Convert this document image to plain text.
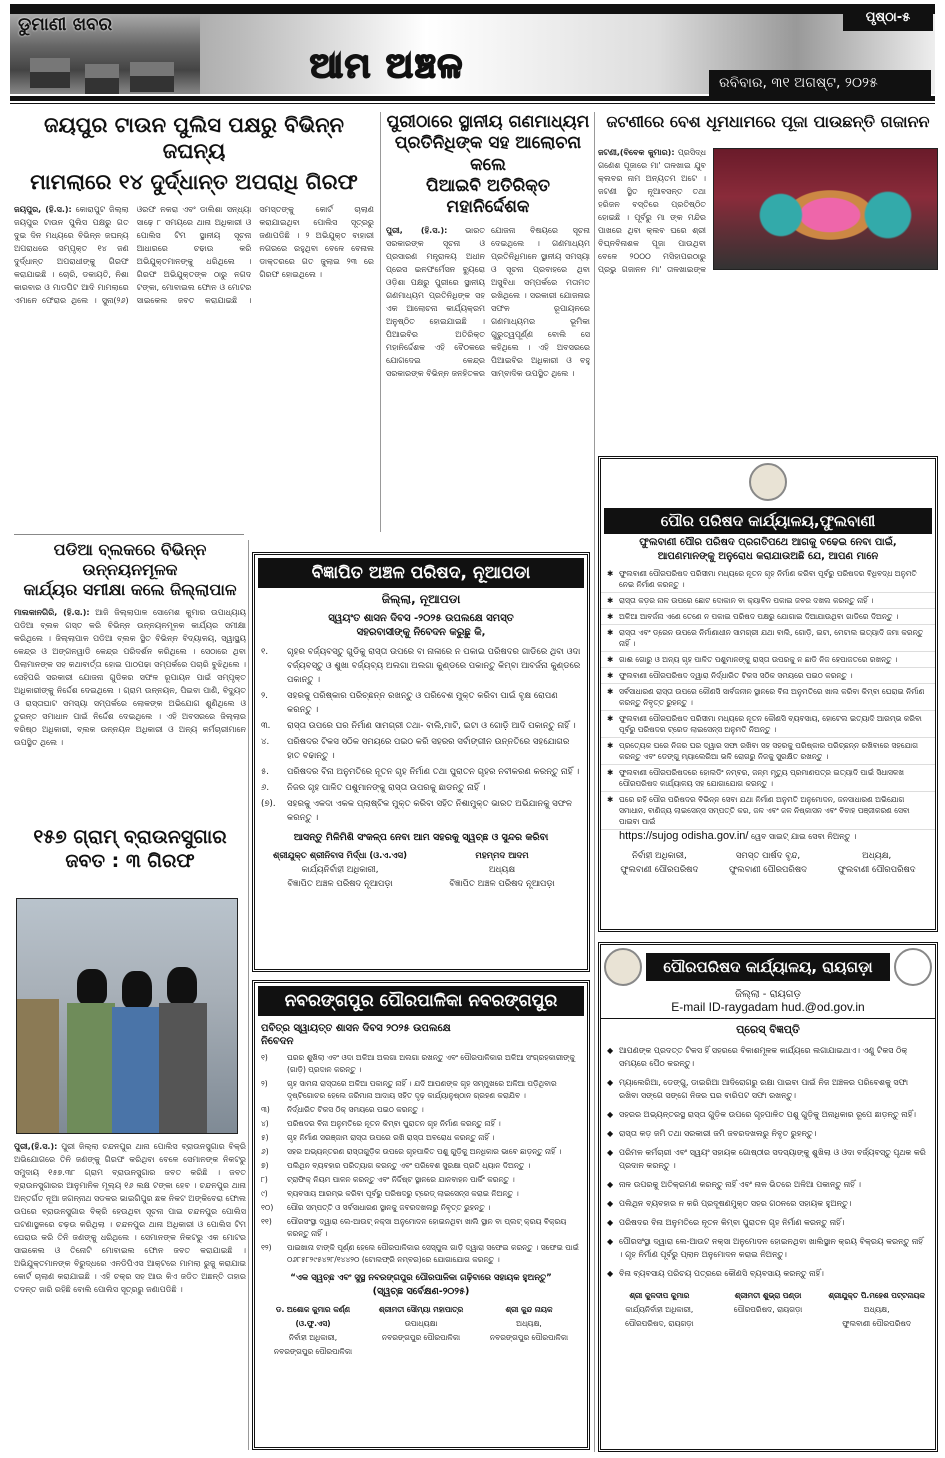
ଡୁମାଣୀ ଖବର
ଆମ ଅଞ୍ଚଳ
ପୃଷ୍ଠା-୫
ରବିବାର, ୩୧ ଅଗଷ୍ଟ, ୨୦୨୫
ଜୟପୁର ଟାଉନ ପୁଲିସ ପକ୍ଷରୁ ବିଭିନ୍ନ ଜଘନ୍ୟ
ମାମଲାରେ ୧୪ ଦୁର୍ଦ୍ଧାନ୍ତ ଅପରାଧି ଗିରଫ
ଜୟପୁର, (ହି.ସ.): କୋରାପୁଟ ଜିଲ୍ଲା ଜୟପୁର ଟାଉନ ପୁଲିସ ପକ୍ଷରୁ ଗତ ଦୁଇ ଦିନ ମଧ୍ୟରେ ବିଭିନ୍ନ ଜଘନ୍ୟ ଅପରାଧରେ ସମ୍ପୃକ୍ତ ୧୪ ଜଣ ଦୁର୍ଦ୍ଧାନ୍ତ ଅପରାଧୀଙ୍କୁ ଗିରଫ କରାଯାଇଛି । ଚୋରି, ଡକାୟତି, ନିଶା କାରବାର ଓ ମାଡପିଟ ଆଦି ମାମଲାରେ ଏମାନେ ଫେରାର ଥିଲେ । ସୁନା(୨୬) ଓରଫ ନକରା ଏବଂ ଡାଲିଶା ସନ୍ଧ୍ୟା ସାଢ଼େ ୮ ସମୟରେ ଥାନା ଅଧିକାରୀ ଓ ପୋଲିସ ଟିମ ସ୍ଥାନୀୟ ସୂଚନା ଆଧାରରେ ଚଢାଉ କରି ଅଭିଯୁକ୍ତମାନଙ୍କୁ ଧରିଥିଲେ । ଗିରଫ ଅଭିଯୁକ୍ତଙ୍କ ଠାରୁ ନଗଦ ଟଙ୍କା, ମୋବାଇଲ ଫୋନ ଓ ମୋଟର ସାଇକେଲ ଜବତ କରାଯାଇଛି । ସମସ୍ତଙ୍କୁ କୋର୍ଟ ଚାଲାଣ କରାଯାଇଥିବା ପୋଲିସ ସୂତ୍ରରୁ ଜଣାପଡିଛି । ୨ ଅଭିଯୁକ୍ତ ବାହାରୀ ନଗରରେ ରହୁଥିବା ବେଳେ ବେନାଲ ଡାକ୍ତରରେ ଗତ ଜୁଲାଇ ୨୩ ରେ ଗିରଫ ହୋଇଥିଲେ ।
ପୁରୀଠାରେ ସ୍ଥାନୀୟ ଗଣମାଧ୍ୟମ
ପ୍ରତିନିଧିଙ୍କ ସହ ଆଲୋଚନା କଲେ
ପିଆଇବି ଅତିରିକ୍ତ ମହାନିର୍ଦ୍ଦେଶକ
ପୁରୀ, (ହି.ସ.): ଭାରତ ସରକାରଙ୍କ ସୂଚନା ଓ ପ୍ରସାରଣ ମନ୍ତ୍ରାଳୟ ଅଧୀନ ପ୍ରେସ ଇନଫର୍ମେସନ ବ୍ୟୁରୋ ଓଡ଼ିଶା ପକ୍ଷରୁ ପୁରୀରେ ସ୍ଥାନୀୟ ଗଣମାଧ୍ୟମ ପ୍ରତିନିଧିଙ୍କ ସହ ଏକ ଆଲୋଚନା କାର୍ଯ୍ୟକ୍ରମ ଅନୁଷ୍ଠିତ ହୋଇଯାଇଛି । ପିଆଇବିର ଅତିରିକ୍ତ ମହାନିର୍ଦ୍ଦେଶକ ଏହି ବୈଠକରେ ଯୋଗଦେଇ କେନ୍ଦ୍ର ସରକାରଙ୍କ ବିଭିନ୍ନ ଜନହିତକର ଯୋଜନା ବିଷୟରେ ସୂଚନା ଦେଇଥିଲେ । ଗଣମାଧ୍ୟମ ପ୍ରତିନିଧିମାନେ ସ୍ଥାନୀୟ ସମସ୍ୟା ଓ ସୂଚନା ପ୍ରବାହରେ ଥିବା ଅସୁବିଧା ସମ୍ପର୍କରେ ମତାମତ ରଖିଥିଲେ । ସରକାରୀ ଯୋଜନାର ସଫଳ ରୂପାୟନରେ ଗଣମାଧ୍ୟମର ଭୂମିକା ଗୁରୁତ୍ୱପୂର୍ଣ୍ଣ ବୋଲି ସେ କହିଥିଲେ । ଏହି ଅବସରରେ ପିଆଇବିର ଅଧିକାରୀ ଓ ବହୁ ସାମ୍ବାଦିକ ଉପସ୍ଥିତ ଥିଲେ ।
ଜଟଣୀରେ ବେଶ ଧୂମଧାମରେ ପୂଜା ପାଉଛନ୍ତି ଗଜାନନ
ଜଟଣୀ,(ବିବେକ କୁମାର): ପ୍ରସିଦ୍ଧ ଗଣେଶ ପୂଜାରେ ମା' ତାଳଖାଇ ଯୁବ କ୍ଲବର ନାମ ଅନ୍ୟତମ ଅଟେ । ଜଟଣୀ ସ୍ଥିତ ନୂଆବସନ୍ତ ତଥା ହରିଜନ ବସ୍ତିରେ ପ୍ରତିଷ୍ଠିତ ହୋଇଛି । ପୂର୍ବରୁ ମା ଙ୍କ ମନ୍ଦିର ପାଖରେ ଥିବା କ୍ଲବ ଘରେ ଶ୍ରୀ ବିଘ୍ନବିନାଶକ ପୂଜା ପାଉଥିବା ବେଳେ ୨୦୦୦ ମସିହାପରଠାରୁ ପ୍ରଭୁ ଗଜାନନ ମା' ତାଳଖାଇଙ୍କ
ପଡିଆ ବ୍ଲକରେ ବିଭିନ୍ନ ଉନ୍ନୟନମୂଳକ
କାର୍ଯ୍ୟର ସମୀକ୍ଷା କଲେ ଜିଲ୍ଲାପାଳ
ମାଲକାନଗିରି, (ହି.ସ.): ଆଜି ଜିଲ୍ଲାପାଳ ସୋମେଶ କୁମାର ଉପାଧ୍ୟାୟ ପଡିଆ ବ୍ଲକ ଗସ୍ତ କରି ବିଭିନ୍ନ ଉନ୍ନୟନମୂଳକ କାର୍ଯ୍ୟର ସମୀକ୍ଷା କରିଥିଲେ । ଜିଲ୍ଲାପାଳ ପଡିଆ ବ୍ଲକ ସ୍ଥିତ ବିଭିନ୍ନ ବିଦ୍ୟାଳୟ, ସ୍ୱାସ୍ଥ୍ୟ କେନ୍ଦ୍ର ଓ ଅଙ୍ଗନୱାଡି କେନ୍ଦ୍ର ପରିଦର୍ଶନ କରିଥିଲେ । ସେଠାରେ ଥିବା ପିଲାମାନଙ୍କ ସହ କଥାବାର୍ତ୍ତା ହୋଇ ପାଠପଢା ସମ୍ପର୍କରେ ପଚାରି ବୁଝିଥିଲେ । ସେହିପରି ସରକାରୀ ଯୋଜନା ଗୁଡିକର ସଫଳ ରୂପାୟନ ପାଇଁ ସମ୍ପୃକ୍ତ ଅଧିକାରୀଙ୍କୁ ନିର୍ଦ୍ଦେଶ ଦେଇଥିଲେ । ଗ୍ରାମ ଉନ୍ନୟନ, ପିଇବା ପାଣି, ବିଦ୍ୟୁତ ଓ ରାସ୍ତାଘାଟ ସମସ୍ୟା ସମ୍ପର୍କରେ ଲୋକଙ୍କ ଅଭିଯୋଗ ଶୁଣିଥିଲେ ଓ ତୁରନ୍ତ ସମାଧାନ ପାଇଁ ନିର୍ଦ୍ଦେଶ ଦେଇଥିଲେ । ଏହି ଅବସରରେ ଜିଲ୍ଲାର ବରିଷ୍ଠ ଅଧିକାରୀ, ବ୍ଲକ ଉନ୍ନୟନ ଅଧିକାରୀ ଓ ଅନ୍ୟ କର୍ମଚାରୀମାନେ ଉପସ୍ଥିତ ଥିଲେ ।
୧୫୭ ଗ୍ରାମ୍ ବ୍ରାଉନସୁଗାର
ଜବତ : ୩ ଗିରଫ
ପୁରୀ,(ହି.ସ.): ପୁରୀ ଜିଲ୍ଲା ଚନ୍ଦନପୁର ଥାନା ପୋଲିସ ବ୍ରାଉନସୁଗାର ବିକ୍ରି ଅଭିଯୋଗରେ ତିନି ଜଣଙ୍କୁ ଗିରଫ କରିଥିବା ବେଳେ ସେମାନଙ୍କ ନିକଟରୁ ସମୁଦାୟ ୧୫୭.୩୮ ଗ୍ରାମ ବ୍ରାଉନସୁଗାର ଜବତ କରିଛି । ଜବତ ବ୍ରାଉନସୁଗାରର ଆନୁମାନିକ ମୂଲ୍ୟ ୧୬ ଲକ୍ଷ ଟଙ୍କା ହେବ । ଚନ୍ଦନପୁର ଥାନା ଅନ୍ତର୍ଗତ ନୂଆ ଜଗନ୍ନାଥ ସଡକର ଭାଇଗିପୁର ଛକ ନିକଟ ଅଙ୍କିବେରା ଫୋଲ ଉପରେ ବ୍ରାଉନସୁଗାର ବିକ୍ରି ହେଉଥିବା ସୂଚନା ପାଇ ଚନ୍ଦନପୁର ପୋଲିସ ଘଟଣାସ୍ଥଳରେ ଚଢ଼ଉ କରିଥିଲା । ଚନ୍ଦନପୁର ଥାନା ଅଧିକାରୀ ଓ ପୋଲିସ ଟିମ ଘେରାଉ କରି ତିନି ଜଣଙ୍କୁ ଧରିଥିଲେ । ସେମାନଙ୍କ ନିକଟରୁ ଏକ ମୋଟର ସାଇକେଲ ଓ ତିନୋଟି ମୋବାଇଲ ଫୋନ ଜବତ କରାଯାଇଛି । ଅଭିଯୁକ୍ତମାନଙ୍କ ବିରୁଦ୍ଧରେ ଏନଡିପିଏସ ଆକ୍ଟରେ ମାମଲା ରୁଜୁ କରାଯାଇ କୋର୍ଟ ଚାଲାଣ କରାଯାଇଛି । ଏହି ଚକ୍ର ସହ ଆଉ କିଏ ଜଡିତ ଅଛନ୍ତି ତାହାର ତଦନ୍ତ ଜାରି ରହିଛି ବୋଲି ପୋଲିସ ସୂତ୍ରରୁ ଜଣାପଡିଛି ।
ବିଜ୍ଞାପିତ ଅଞ୍ଚଳ ପରିଷଦ, ନୂଆପଡା
ଜିଲ୍ଲା, ନୂଆପଡା
ସ୍ୱୟଂତ ଶାସନ ଦିବସ -୨୦୨୫ ଉପଲକ୍ଷେ ସମସ୍ତ
ସହରବାସୀଙ୍କୁ ନିବେଦନ କରୁଛୁ କି,
୧.	ଗୃହର ବର୍ଜ୍ୟବସ୍ତୁ ଗୁଡିକୁ ରାସ୍ତା ଉପରେ ବା ନାଳାରେ ନ ପକାଇ ପରିଷଦର ଗାଡିରେ ଥିବା ଓଦା ବର୍ଜ୍ୟବସ୍ତୁ ଓ ଶୁଖା ବର୍ଜ୍ୟବ୍ୟ ଅଲଗା ଅଲଗା କୁଣ୍ଡରେ ପକାନ୍ତୁ କିମ୍ବା ଆବର୍ଜନା କୁଣ୍ଡରେ ପକାନ୍ତୁ ।
୨.	ସହରକୁ ପରିଷ୍କାର ପରିଚ୍ଛନ୍ନ ରଖନ୍ତୁ ଓ ପରିବେଶ ମୁକ୍ତ କରିବା ପାଇଁ ବୃକ୍ଷ ରୋପଣ କରନ୍ତୁ ।
୩.	ରାସ୍ତା ଉପରେ ଘର ନିର୍ମାଣ ସାମଗ୍ରୀ ତଥା- ବାଲି,ମାଟି, ଇଟା ଓ ଗୋଡ଼ି ଆଦି ପକାନ୍ତୁ ନାହିଁ ।
୪.	ପରିଷଦର ଟିକସ ସଠିକ ସମୟରେ ପଇଠ କରି ସହରର ସର୍ବାଙ୍ଗୀନ ଉନ୍ନତିରେ ସହଯୋଗର ହାତ ବଢାନ୍ତୁ ।
୫.	ପରିଷଦର ବିନା ଅନୁମତିରେ ନୂତନ ଗୃହ ନିର୍ମାଣ ତଥା ପୁରାତନ ଗୃହର ନବୀକରଣ କରନ୍ତୁ ନାହିଁ ।
୬.	ନିଜର ଗୃହ ପାଳିତ ପଶୁମାନଙ୍କୁ ରାସ୍ତା ଉପରକୁ ଛାଡନ୍ତୁ ନାହିଁ ।
(୭).	ସହରକୁ ଏକଦା ଏକକ ପ୍ଲାଷ୍ଟିକ ମୁକ୍ତ କରିବା ସହିତ ନିଶାମୁକ୍ତ ଭାରତ ଅଭିଯାନକୁ ସଫଳ କରନ୍ତୁ ।
ଆସନ୍ତୁ ମିଳିମିଶି ସଂକଳ୍ପ ନେବା ଆମ ସହରକୁ ସ୍ୱଚ୍ଛ ଓ ସୁନ୍ଦର କରିବା
ଶ୍ରୀଯୁକ୍ତ ଶ୍ରୀନିବାସ ମିର୍ଦ୍ଧା (ଓ.ଏ.ଏସ)
କାର୍ଯ୍ୟନିର୍ବାହୀ ଅଧିକାରୀ,
ବିଜ୍ଞାପିତ ଅଞ୍ଚଳ ପରିଷଦ ନୂଆପଡ଼ା
ମହମ୍ମଦ ଆଦମ
ଅଧ୍ୟକ୍ଷ
ବିଜ୍ଞାପିତ ଅଞ୍ଚଳ ପରିଷଦ ନୂଆପଡ଼ା
ନବରଙ୍ଗପୁର ପୌରପାଳିକା ନବରଙ୍ଗପୁର
ପବିତ୍ର ସ୍ୱାୟତ୍ତ ଶାସନ ଦିବସ ୨୦୨୫ ଉପଲକ୍ଷେ
ନିବେଦନ
୧)	ଘରର ଶୁଖିଲା ଏବଂ ଓଦା ଅଳିଆ ଅଲଗା ଅଲଗା ରଖନ୍ତୁ ଏବଂ ପୌରପାଳିକାର ଅଳିଆ ସଂଗ୍ରହକାରୀଙ୍କୁ (ଗାଡ଼ି) ପ୍ରଦାନ କରନ୍ତୁ ।
୨)	ଗୃହ ସାମନା ରାସ୍ତାରେ ଅଳିଆ ପକାନ୍ତୁ ନାହିଁ । ଯଦି ଆପଣଙ୍କ ଗୃହ ସମ୍ମୁଖରେ ଅଳିଆ ପଡ଼ିଥିବାର ଦୃଷ୍ଟିଗୋଚର ହେଲେ ଜରିମାନା ଆଦାୟ ସହିତ ଦୃଢ଼ କାର୍ଯ୍ୟାନୁଷ୍ଠାନ ଗ୍ରହଣ କରାଯିବ ।
୩)	ନିର୍ଦ୍ଧାରିତ ଟିକସ ଠିକ୍ ସମୟରେ ପଇଠ କରନ୍ତୁ ।
୪)	ପରିଷଦର ବିନା ଅନୁମତିରେ ନୂତନ କିମ୍ବା ପୁରାତନ ଗୃହ ନିର୍ମାଣ କରନ୍ତୁ ନାହିଁ ।
୫)	ଗୃହ ନିର୍ମାଣ ସରଞ୍ଜାମ ରାସ୍ତା ଉପରେ ରଖି ରାସ୍ତା ଅବରୋଧ କରନ୍ତୁ ନାହିଁ ।
୬)	ସହର ଅଭ୍ୟନ୍ତରଣ ରାସ୍ତାଗୁଡ଼ିକ ଉପରେ ଗୃହପାଳିତ ପଶୁ ଗୁଡ଼ିକୁ ଅନଧିକାର ଭାବେ ଛାଡ଼ନ୍ତୁ ନାହିଁ ।
୭)	ପଲିଥିନ ବ୍ୟବହାର ପରିତ୍ୟାଗ କରନ୍ତୁ ଏବଂ ପରିବେଶ ସୁରକ୍ଷା ପ୍ରତି ଧ୍ୟାନ ଦିଅନ୍ତୁ ।
୮)	ଟ୍ରାଫିକ୍ ନିୟମ ପାଳନ କରନ୍ତୁ ଏବଂ ନିର୍ଦ୍ଦିଷ୍ଟ ସ୍ଥାନରେ ଯାନବାହନ ପାର୍କିଂ କରନ୍ତୁ ।
୯)	ବ୍ୟବସାୟ ଆରମ୍ଭ କରିବା ପୂର୍ବରୁ ପରିଷଦରୁ ଟ୍ରେଡ୍ ଲାଇସେନ୍ସ କରାଇ ନିଅନ୍ତୁ ।
୧୦)	ପୌର ସମ୍ପତ୍ତି ଓ ସର୍ବସାଧାରଣ ସ୍ଥାନକୁ ଜବରଦଖଲରୁ ନିବୃତ୍ତ ରୁହନ୍ତୁ ।
୧୧)	ପୌରସଂସ୍ଥା ଦ୍ୱାରା ଲେ-ଆଉଟ୍ ନକ୍ସା ଅନୁମୋଦନ ହୋଇନଥିବା ଖାଲି ସ୍ଥାନ ବା ପ୍ଲଟ୍ କ୍ରୟ ବିକ୍ରୟ କରନ୍ତୁ ନାହିଁ ।
୧୨)	ପାଇଖାନା ଟାଙ୍କି ପୂର୍ଣ୍ଣ ହେଲେ ପୌରପାଳିକାର ସେସ୍‌ପୁଲ ଗାଡ଼ି ଦ୍ୱାରା ସଫେଇ କରନ୍ତୁ । ସଫେଇ ପାଇଁ ୦୬୮୫୮୨୯୫୪୨୮/୧୪୪୨୦ (ଟୋଲଫ୍ରି ନମ୍ବର)ରେ ଯୋଗାଯୋଗ କରନ୍ତୁ ।
“ଏକ ସ୍ୱଚ୍ଛ ଏବଂ ସୁସ୍ଥ ନବରଙ୍ଗପୁର ପୌରପାଳିକା ଗଢ଼ିବାରେ ସହାୟକ ହୁଅନ୍ତୁ”
(ସ୍ୱଚ୍ଛ ସର୍ବେକ୍ଷଣ-୨୦୨୫)
ଡ. ଅଶୋକ କୁମାର କର୍ଣ୍ଣ (ଓ.ଫୁ.ଏସ)
ନିର୍ବାହୀ ଅଧିକାରୀ,
ନବରଙ୍ଗପୁର ପୌରପାଳିକା
ଶ୍ରୀମତୀ ସୌମ୍ୟା ମହାପାତ୍ର
ଉପାଧ୍ୟକ୍ଷା
ନବରଙ୍ଗପୁର ପୌରପାଳିକା
ଶ୍ରୀ କୁନ୍ଦ ନାୟକ
ଅଧ୍ୟକ୍ଷ,
ନବରଙ୍ଗପୁର ପୌରପାଳିକା
ପୌର ପରିଷଦ କାର୍ଯ୍ୟାଳୟ,ଫୁଲବାଣୀ
ଫୁଲବାଣୀ ପୌର ପରିଷଦ ପ୍ରଗତିପଥେ ଆଗକୁ ବଢେଇ ନେବା ପାଇଁ,
ଆପଣମାନଙ୍କୁ ଅନୁରୋଧ କରାଯାଉଅଛି ଯେ, ଆପଣ ମାନେ
✱ ଫୁଲବାଣୀ ପୌରପରିଷଦ ପରିସୀମା ମଧ୍ୟରେ ନୂତନ ଗୃହ ନିର୍ମାଣ କରିବା ପୂର୍ବରୁ ପରିଷଦର ବିଧିବଦ୍ଧ ଅନୁମତି ନେଇ ନିର୍ମାଣ କରନ୍ତୁ ।
✱ ରାସ୍ତା କଡ଼ର ନାଳ ଉପରେ ଛୋଟ ଦୋକାନ ବା କ୍ୟାବିନ ପକାଇ ଜବର ଦଖଲ କରନ୍ତୁ ନାହିଁ ।
✱ ଅଳିଆ ଆବର୍ଜନା ଏଣେ ତେଣେ ନ ପକାଇ ପରିଷଦ ପକ୍ଷରୁ ଯୋଗାଇ ଦିଆଯାଉଥିବା ଗାଡିରେ ଦିଅନ୍ତୁ ।
✱ ରାସ୍ତା ଏବଂ ଡ୍ରେନ ଉପରେ ନିର୍ମାଣାଧୀନ ସାମଗ୍ରୀ ଯଥା ବାଲି, ଗୋଡ଼ି, ଇଟା, ମେଟାଲ ଇତ୍ୟାଦି ଜମା କରନ୍ତୁ ନାହିଁ ।
✱ ଗାଈ ଗୋରୁ ଓ ଅନ୍ୟ ଗୃହ ପାଳିତ ପଶୁମାନଙ୍କୁ ରାସ୍ତା ଉପରକୁ ନ ଛାଡି ନିଜ ହେପାଜତରେ ରଖନ୍ତୁ ।
✱ ଫୁଲବାଣୀ ପୌରପରିଷଦ ଦ୍ୱାରା ନିର୍ଦ୍ଧାରିତ ଟିକସ ସଠିକ ସମୟରେ ପଇଠ କରନ୍ତୁ ।
✱ ସର୍ବସାଧାରଣ ରାସ୍ତା ଉପରେ କୌଣସି ସାର୍ବଜନୀନ ସ୍ଥାନରେ ବିନା ଅନୁମତିରେ ଖାଲ କରିବା କିମ୍ବା ଘେରାଇ ନିର୍ମାଣ କରନ୍ତୁ ନିବୃତ୍ତ ରୁହନ୍ତୁ ।
✱ ଫୁଲବାଣୀ ପୌରପରିଷଦ ପରିସୀମା ମଧ୍ୟରେ ନୂତନ କୌଣସି ବ୍ୟବସାୟ, ହୋଟେଲ ଇତ୍ୟାଦି ଆରମ୍ଭ କରିବା ପୂର୍ବରୁ ପରିଷଦର ଟ୍ରେଡ ଲାଇସେନ୍ସ ଅନୁମତି ନିଅନ୍ତୁ ।
✱ ପ୍ରତ୍ୟେକ ଘରେ ନିଜର ଘର ଦ୍ୱାର ସଫା ରଖିବା ସହ ସହରକୁ ପରିଷ୍କାର ପରିଚ୍ଛନ୍ନ ରଖିବାରେ ସହଯୋଗ କରନ୍ତୁ ଏବଂ ଡେଙ୍ଗୁ ମ୍ୟାଲେରିଆ ଭଳି ରୋଗରୁ ନିଜକୁ ସୁରକ୍ଷିତ ରଖନ୍ତୁ ।
✱ ଫୁଲବାଣୀ ପୌରପରିଷଦରେ ହୋଲଡିଂ ନମ୍ବର, ଜନ୍ମ ମୃତ୍ୟୁ ପ୍ରମାଣପତ୍ର ଇତ୍ୟାଦି ପାଇଁ ସିଧାସଳଖ ପୌରପରିଷଦ କାର୍ଯ୍ୟାଳୟ ସହ ଯୋଗାଯୋଗ କରନ୍ତୁ ।
✱ ଘରେ ରହି ପୌର ପରିଷଦର ବିଭିନ୍ନ ସେବା ଯଥା ନିର୍ମାଣ ଅନୁମତି ଅନୁମୋଦନ, ଜନସାଧାରଣ ଅଭିଯୋଗ ସମାଧାନ, ବାଣିଜ୍ୟ ଲାଇସେନ୍ସ ସମ୍ପତ୍ତି କର, ଜଳ ଏବଂ ଜଳ ନିଷ୍କାସନ ଏବଂ ବିବାହ ପଞ୍ଜୀକରଣ ସେବା ପାଇବା ପାଇଁ
https://sujog odisha.gov.in/ ୱେବ ସାଇଟ୍ ଯାଇ ସେବା ନିଅନ୍ତୁ ।
ନିର୍ବାହୀ ଅଧିକାରୀ,
ଫୁଲବାଣୀ ପୌରପରିଷଦ
ସମସ୍ତ ପାର୍ଷଦ ବୃନ୍ଦ,
ଫୁଲବାଣୀ ପୌରପରିଷଦ
ଅଧ୍ୟକ୍ଷ,
ଫୁଲବାଣୀ ପୌରପରିଷଦ
ପୌରପରିଷଦ କାର୍ଯ୍ୟାଳୟ, ରାୟଗଡ଼ା
ଜିଲ୍ଲା - ରାୟଗଡ଼
E-mail ID-raygadam hud.@od.gov.in
ପ୍ରେସ୍ ବିଜ୍ଞପ୍ତି
◆ ଆପଣଙ୍କ ପ୍ରଦତ୍ତ ଟିକସ ହିଁ ସହରରେ ବିକାଶମୂଳକ କାର୍ଯ୍ୟରେ ଲଗାଯାଇଥାଏ। ଏଣୁ ଟିକସ ଠିକ୍ ସମୟରେ ପୈଠ କରନ୍ତୁ।
◆ ମ୍ୟାଲେରିଆ, ଡେଙ୍ଗୁ, ଡାଇରିଆ ଆଦିରୋଗରୁ ରକ୍ଷା ପାଇବା ପାଇଁ ନିଜ ଅଞ୍ଚଳର ପରିବେଶକୁ ସଫା ରଖିବା ସଙ୍ଗେ ସଙ୍ଗେ ନିଜର ଘର ବାରିପଟ ସଫା ରଖନ୍ତୁ।
◆ ସହରର ଅଭ୍ୟନ୍ତରସ୍ଥ ରାସ୍ତା ଗୁଡ଼ିକ ଉପରେ ଗୃହପାଳିତ ପଶୁ ଗୁଡ଼ିକୁ ଅନାଧିକାର ରୂପେ ଛାଡ଼ନ୍ତୁ ନାହିଁ।
◆ ରାସ୍ତା କଡ଼ ଜମି ତଥା ସରକାରୀ ଜମି ଜବରଦଖଲରୁ ନିବୃତ ରୁହନ୍ତୁ।
◆ ପରିମଳ କର୍ମଚାରୀ ଏବଂ ସ୍ୱୟଂ ସହାୟକ ଗୋଷ୍ଠୀର ସଦସ୍ୟାଙ୍କୁ ଶୁଖିଲା ଓ ଓଦା ବର୍ଜ୍ୟବସ୍ତୁ ପୃଥକ କରି ପ୍ରଦାନ କରନ୍ତୁ ।
◆ ନାଳ ଉପରକୁ ଅତିକ୍ରମଣ କରନ୍ତୁ ନାହିଁ ଏବଂ ନାଳ ଭିତରେ ଅଳିଆ ପକାନ୍ତୁ ନାହିଁ ।
◆ ପଲିଥିନ ବ୍ୟବହାର ନ କରି ପ୍ରଦୂଷଣମୁକ୍ତ ସହର ଗଠନରେ ସହାୟକ ହୁଅନ୍ତୁ।
◆ ପରିଷଦର ବିନା ଅନୁମତିରେ ନୂତନ କିମ୍ବା ପୁରାତନ ଗୃହ ନିର୍ମାଣ କରନ୍ତୁ ନାହିଁ।
◆ ପୌରସଂସ୍ଥା ଦ୍ୱାରା ଲେ-ଆଉଟ ନକ୍ସା ଅନୁମୋଦନ ହୋଇନଥିବା ଖାଲିସ୍ଥାନ କ୍ରୟ ବିକ୍ରୟ କରନ୍ତୁ ନାହିଁ । ଗୃହ ନିର୍ମାଣ ପୂର୍ବରୁ ପ୍ଲାନ ଅନୁମୋଦନ କରାଇ ନିଅନ୍ତୁ।
◆ ବିନା ବ୍ୟବସାୟ ପରିଚୟ ପତ୍ରରେ କୌଣସି ବ୍ୟବସାୟ କରନ୍ତୁ ନାହିଁ।
ଶ୍ରୀ କୁଳଦୀପ କୁମାର
କାର୍ଯ୍ୟନିର୍ବାହୀ ଅଧିକାରୀ,
ପୌରପରିଷଦ, ରାୟଗଡ଼ା
ଶ୍ରୀମତୀ ଶୁଭ୍ରା ପଣ୍ଡା
ପୌରପରିଷଦ, ରାୟଗଡ଼ା
ଶ୍ରୀଯୁକ୍ତ ପି.ମହେଶ ପଟ୍ଟନାୟକ
ଅଧ୍ୟକ୍ଷ,
ଫୁଲବାଣୀ ପୌରପରିଷଦ
